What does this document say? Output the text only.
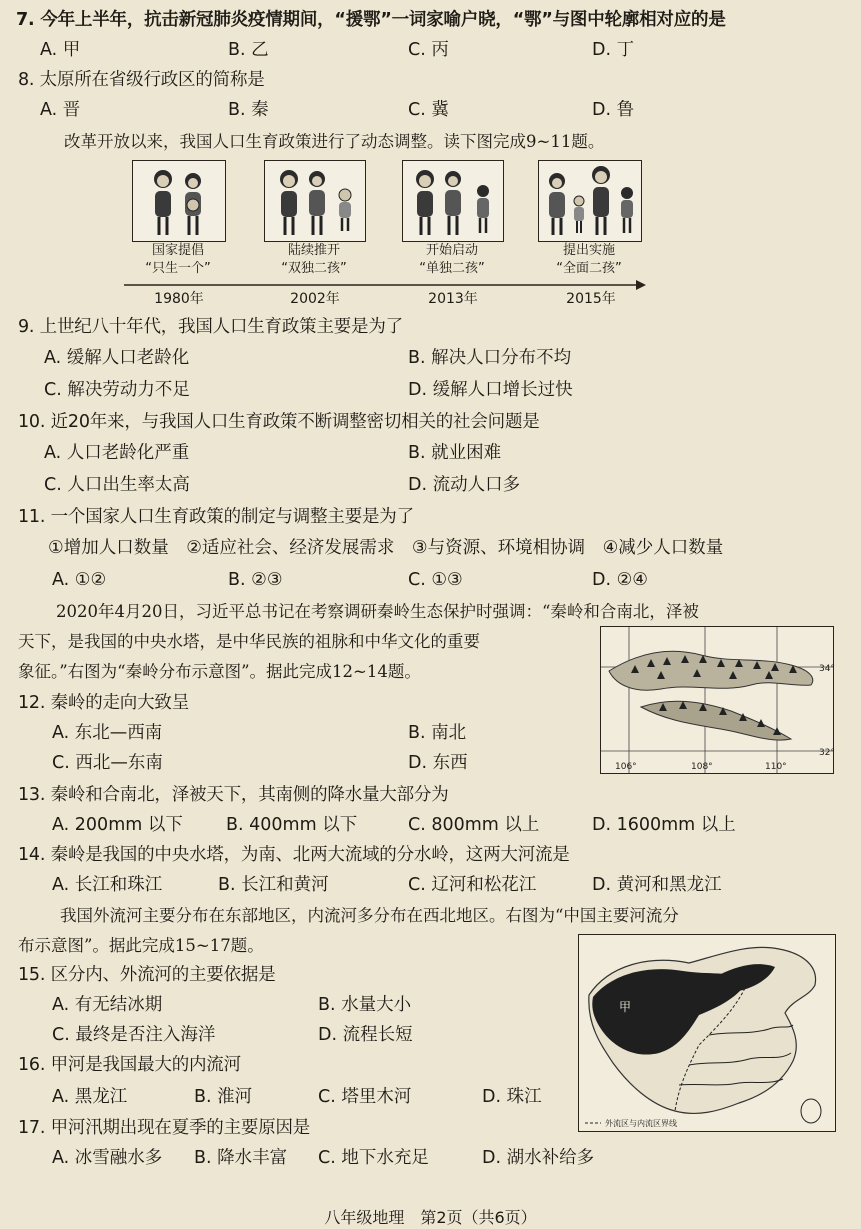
7. 今年上半年，抗击新冠肺炎疫情期间，“援鄂”一词家喻户晓，“鄂”与图中轮廓相对应的是
A. 甲	B. 乙	C. 丙	D. 丁
8. 太原所在省级行政区的简称是
A. 晋	B. 秦	C. 冀	D. 鲁
改革开放以来，我国人口生育政策进行了动态调整。读下图完成9~11题。
国家提倡
“只生一个”
陆续推开
“双独二孩”
开始启动
“单独二孩”
提出实施
“全面二孩”
1980年	2002年	2013年	2015年
9. 上世纪八十年代，我国人口生育政策主要是为了
A. 缓解人口老龄化	B. 解决人口分布不均
C. 解决劳动力不足	D. 缓解人口增长过快
10. 近20年来，与我国人口生育政策不断调整密切相关的社会问题是
A. 人口老龄化严重	B. 就业困难
C. 人口出生率太高	D. 流动人口多
11. 一个国家人口生育政策的制定与调整主要是为了
①增加人口数量　②适应社会、经济发展需求　③与资源、环境相协调　④减少人口数量
A. ①②	B. ②③	C. ①③	D. ②④
2020年4月20日，习近平总书记在考察调研秦岭生态保护时强调：“秦岭和合南北，泽被
天下，是我国的中央水塔，是中华民族的祖脉和中华文化的重要
象征。”右图为“秦岭分布示意图”。据此完成12~14题。	34°
32°
106°	108°	110°
12. 秦岭的走向大致呈
A. 东北—西南	B. 南北
C. 西北—东南	D. 东西
13. 秦岭和合南北，泽被天下，其南侧的降水量大部分为
A. 200mm 以下 B. 400mm 以下	C. 800mm 以上	D. 1600mm 以上
14. 秦岭是我国的中央水塔，为南、北两大流域的分水岭，这两大河流是
A. 长江和珠江	B. 长江和黄河	C. 辽河和松花江	D. 黄河和黑龙江
我国外流河主要分布在东部地区，内流河多分布在西北地区。右图为“中国主要河流分
布示意图”。据此完成15~17题。
外流区与内流区界线
甲
15. 区分内、外流河的主要依据是
A. 有无结冰期	B. 水量大小
C. 最终是否注入海洋	D. 流程长短
16. 甲河是我国最大的内流河
A. 黑龙江	B. 淮河	C. 塔里木河	D. 珠江
17. 甲河汛期出现在夏季的主要原因是
A. 冰雪融水多 B. 降水丰富 C. 地下水充足	D. 湖水补给多
八年级地理　第2页（共6页）
